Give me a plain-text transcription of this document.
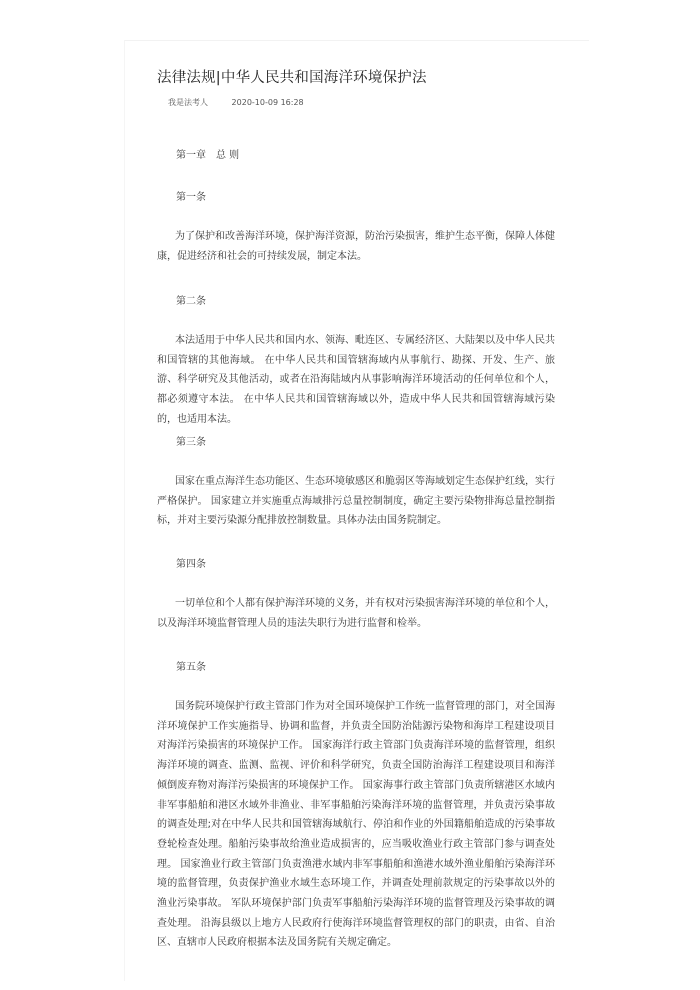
法律法规|中华人民共和国海洋环境保护法
我是法考人	2020-10-09 16:28
第一章　总 则
第一条
为了保护和改善海洋环境，保护海洋资源，防治污染损害，维护生态平衡，保障人体健康，促进经济和社会的可持续发展，制定本法。
第二条
本法适用于中华人民共和国内水、领海、毗连区、专属经济区、大陆架以及中华人民共和国管辖的其他海域。 在中华人民共和国管辖海域内从事航行、勘探、开发、生产、旅游、科学研究及其他活动，或者在沿海陆域内从事影响海洋环境活动的任何单位和个人，都必须遵守本法。 在中华人民共和国管辖海域以外，造成中华人民共和国管辖海域污染的，也适用本法。
第三条
国家在重点海洋生态功能区、生态环境敏感区和脆弱区等海域划定生态保护红线，实行严格保护。 国家建立并实施重点海域排污总量控制制度，确定主要污染物排海总量控制指标，并对主要污染源分配排放控制数量。具体办法由国务院制定。
第四条
一切单位和个人都有保护海洋环境的义务，并有权对污染损害海洋环境的单位和个人，以及海洋环境监督管理人员的违法失职行为进行监督和检举。
第五条
国务院环境保护行政主管部门作为对全国环境保护工作统一监督管理的部门，对全国海洋环境保护工作实施指导、协调和监督，并负责全国防治陆源污染物和海岸工程建设项目对海洋污染损害的环境保护工作。 国家海洋行政主管部门负责海洋环境的监督管理，组织海洋环境的调查、监测、监视、评价和科学研究，负责全国防治海洋工程建设项目和海洋倾倒废弃物对海洋污染损害的环境保护工作。 国家海事行政主管部门负责所辖港区水域内非军事船舶和港区水域外非渔业、非军事船舶污染海洋环境的监督管理，并负责污染事故的调查处理;对在中华人民共和国管辖海域航行、停泊和作业的外国籍船舶造成的污染事故登轮检查处理。船舶污染事故给渔业造成损害的，应当吸收渔业行政主管部门参与调查处理。 国家渔业行政主管部门负责渔港水域内非军事船舶和渔港水域外渔业船舶污染海洋环境的监督管理，负责保护渔业水域生态环境工作，并调查处理前款规定的污染事故以外的渔业污染事故。 军队环境保护部门负责军事船舶污染海洋环境的监督管理及污染事故的调查处理。 沿海县级以上地方人民政府行使海洋环境监督管理权的部门的职责，由省、自治区、直辖市人民政府根据本法及国务院有关规定确定。
